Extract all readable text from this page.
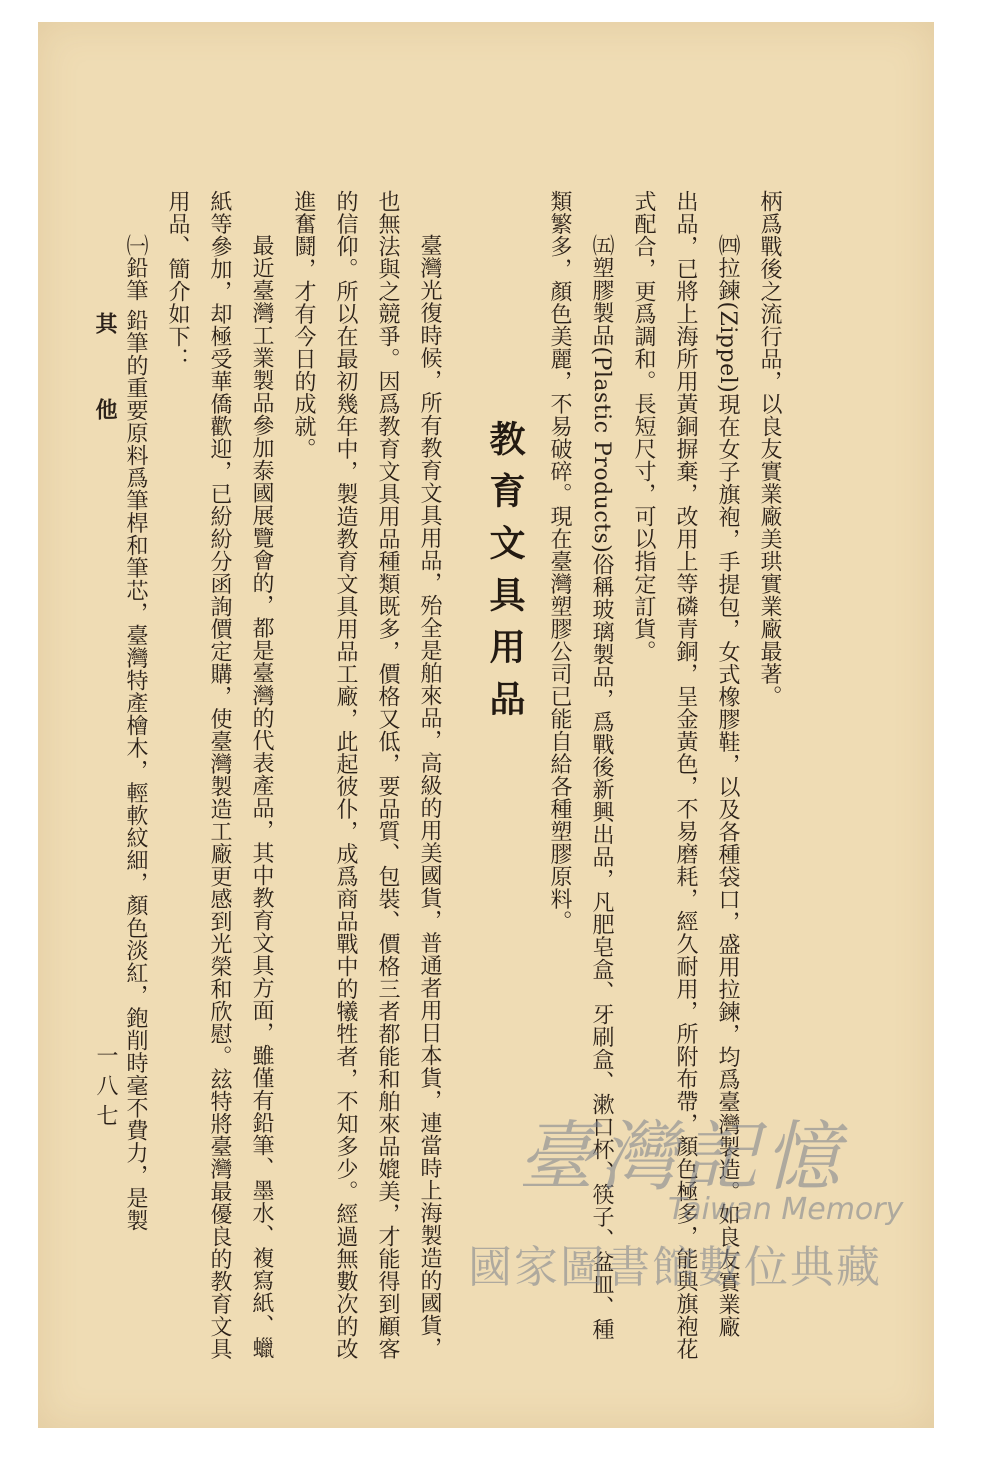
其他
一八七

柄爲戰後之流行品，以良友實業廠美珙實業廠最著。

㈣拉鍊(Zippel)現在女子旗袍，手提包，女式橡膠鞋，以及各種袋口，盛用拉鍊，均爲臺灣製造。如良友實業廠出品，已將上海所用黃銅摒棄，改用上等磷青銅，呈金黃色，不易磨耗，經久耐用，所附布帶，顏色極多，能與旗袍花式配合，更爲調和。長短尺寸，可以指定訂貨。

㈤塑膠製品(Plastic Products)俗稱玻璃製品，爲戰後新興出品，凡肥皂盒、牙刷盒、漱口杯、筷子、盆皿、種類繁多，顏色美麗，不易破碎。現在臺灣塑膠公司已能自給各種塑膠原料。

教育文具用品

臺灣光復時候，所有教育文具用品，殆全是舶來品，高級的用美國貨，普通者用日本貨，連當時上海製造的國貨，也無法與之競爭。因爲教育文具用品種類既多，價格又低，要品質、包裝、價格三者都能和舶來品媲美，才能得到顧客的信仰。所以在最初幾年中，製造教育文具用品工廠，此起彼仆，成爲商品戰中的犧牲者，不知多少。經過無數次的改進奮鬪，才有今日的成就。

最近臺灣工業製品參加泰國展覽會的，都是臺灣的代表產品，其中教育文具方面，雖僅有鉛筆、墨水、複寫紙、蠟紙等參加，却極受華僑歡迎，已紛紛分函詢價定購，使臺灣製造工廠更感到光榮和欣慰。玆特將臺灣最優良的教育文具用品、簡介如下：

㈠鉛筆 鉛筆的重要原料爲筆桿和筆芯，臺灣特產檜木，輕軟紋細，顏色淡紅，鉋削時毫不費力，是製	臺灣記憶
Taiwan Memory
國家圖書館數位典藏
